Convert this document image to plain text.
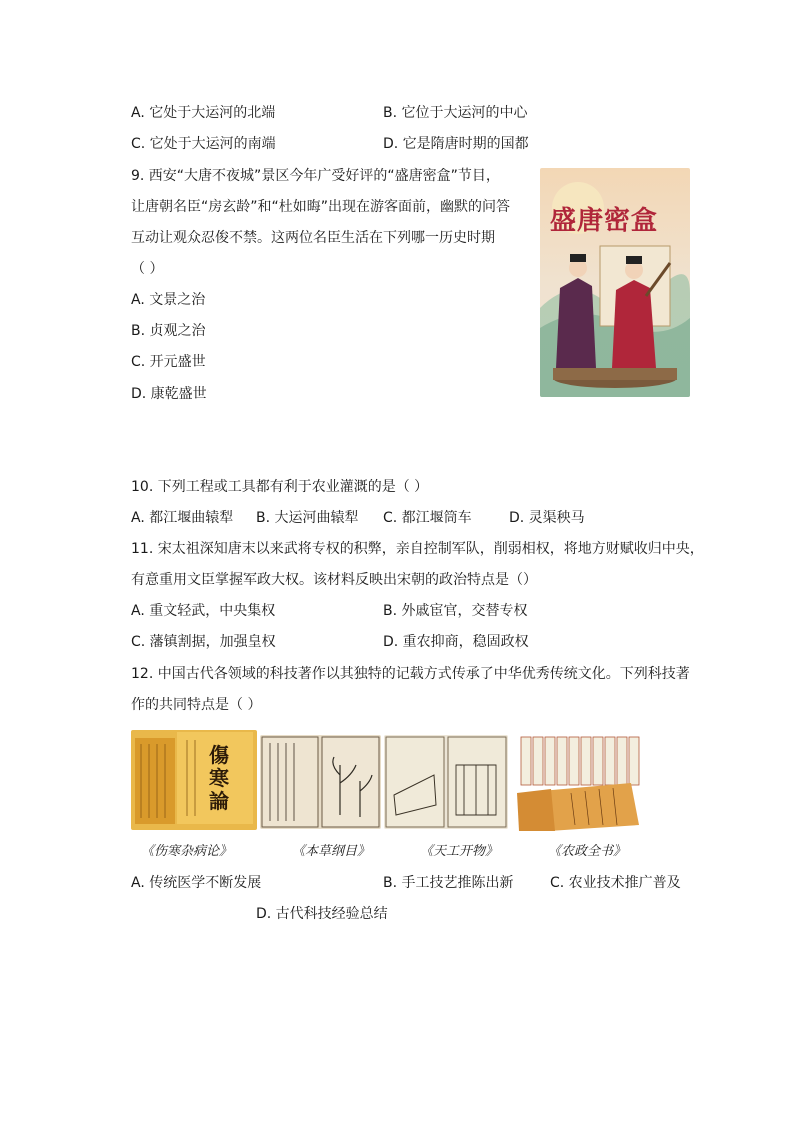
A. 它处于大运河的北端	B. 它位于大运河的中心
C. 它处于大运河的南端	D. 它是隋唐时期的国都
9. 西安“大唐不夜城”景区今年广受好评的“盛唐密盒”节目，
让唐朝名臣“房玄龄”和“杜如晦”出现在游客面前，幽默的问答
互动让观众忍俊不禁。这两位名臣生活在下列哪一历史时期
（ ）
A. 文景之治
B. 贞观之治
C. 开元盛世
D. 康乾盛世
盛唐密盒
10. 下列工程或工具都有利于农业灌溉的是（ ）
A. 都江堰曲辕犁 B. 大运河曲辕犁 C. 都江堰筒车	D. 灵渠秧马
11. 宋太祖深知唐末以来武将专权的积弊，亲自控制军队，削弱相权，将地方财赋收归中央，
有意重用文臣掌握军政大权。该材料反映出宋朝的政治特点是（）
A. 重文轻武，中央集权	B. 外戚宦官，交替专权
C. 藩镇割据，加强皇权	D. 重农抑商，稳固政权
12. 中国古代各领域的科技著作以其独特的记载方式传承了中华优秀传统文化。下列科技著
作的共同特点是（ ）
傷寒論
《伤寒杂病论》	《本草纲目》	《天工开物》	《农政全书》
A. 传统医学不断发展	B. 手工技艺推陈出新	C. 农业技术推广普及
D. 古代科技经验总结
